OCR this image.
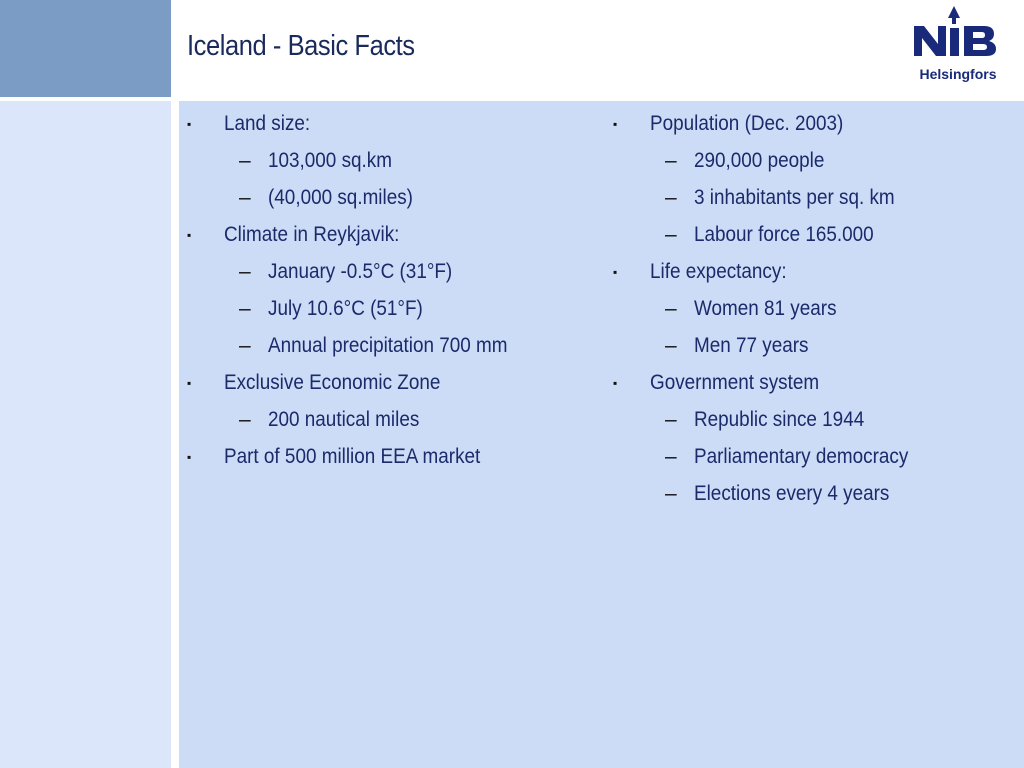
Iceland - Basic Facts
Helsingfors
▪ Land size:
– 103,000 sq.km
– (40,000 sq.miles)
▪ Climate in Reykjavik:
– January -0.5°C (31°F)
– July 10.6°C (51°F)
– Annual precipitation 700 mm
▪ Exclusive Economic Zone
– 200 nautical miles
▪ Part of 500 million EEA market
▪ Population (Dec. 2003)
– 290,000 people
– 3 inhabitants per sq. km
– Labour force 165.000
▪ Life expectancy:
– Women 81 years
– Men 77 years
▪ Government system
– Republic since 1944
– Parliamentary democracy
– Elections every 4 years
